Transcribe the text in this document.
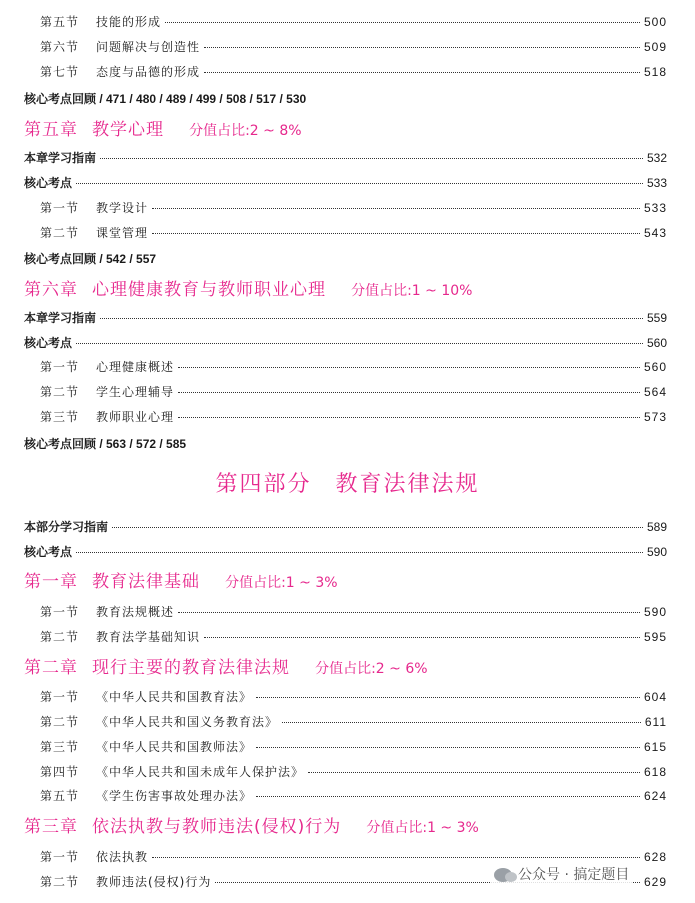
第五节	技能的形成	500
第六节	问题解决与创造性	509
第七节	态度与品德的形成	518
核心考点回顾 / 471 / 480 / 489 / 499 / 508 / 517 / 530
第五章 教学心理 分值占比:2 ~ 8%
本章学习指南	532
核心考点	533
第一节	教学设计	533
第二节	课堂管理	543
核心考点回顾 / 542 / 557
第六章 心理健康教育与教师职业心理 分值占比:1 ~ 10%
本章学习指南	559
核心考点	560
第一节	心理健康概述	560
第二节	学生心理辅导	564
第三节	教师职业心理	573
核心考点回顾 / 563 / 572 / 585
第四部分　教育法律法规
本部分学习指南	589
核心考点	590
第一章 教育法律基础 分值占比:1 ~ 3%
第一节	教育法规概述	590
第二节	教育法学基础知识	595
第二章 现行主要的教育法律法规 分值占比:2 ~ 6%
第一节	《中华人民共和国教育法》	604
第二节	《中华人民共和国义务教育法》	611
第三节	《中华人民共和国教师法》	615
第四节	《中华人民共和国未成年人保护法》	618
第五节	《学生伤害事故处理办法》	624
第三章 依法执教与教师违法(侵权)行为 分值占比:1 ~ 3%
第一节	依法执教	628
第二节	教师违法(侵权)行为	629
公众号 · 搞定题目
